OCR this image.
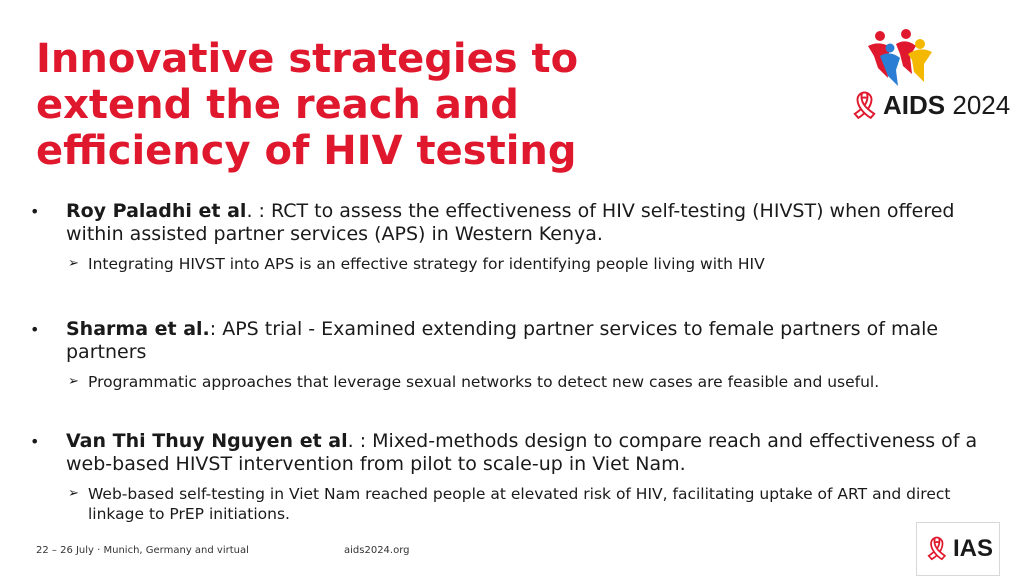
Innovative strategies to extend the reach and efficiency of HIV testing
🎗︎AIDS 2024
•	Roy Paladhi et al. : RCT to assess the effectiveness of HIV self-testing (HIVST) when offered within assisted partner services (APS) in Western Kenya.
➢ Integrating HIVST into APS is an effective strategy for identifying people living with HIV
•	Sharma et al.: APS trial - Examined extending partner services to female partners of male partners
➢ Programmatic approaches that leverage sexual networks to detect new cases are feasible and useful.
•	Van Thi Thuy Nguyen et al. : Mixed-methods design to compare reach and effectiveness of a web-based HIVST intervention from pilot to scale-up in Viet Nam.
➢ Web-based self-testing in Viet Nam reached people at elevated risk of HIV, facilitating uptake of ART and direct linkage to PrEP initiations.
22 – 26 July · Munich, Germany and virtual	aids2024.org	🎗︎ IAS
